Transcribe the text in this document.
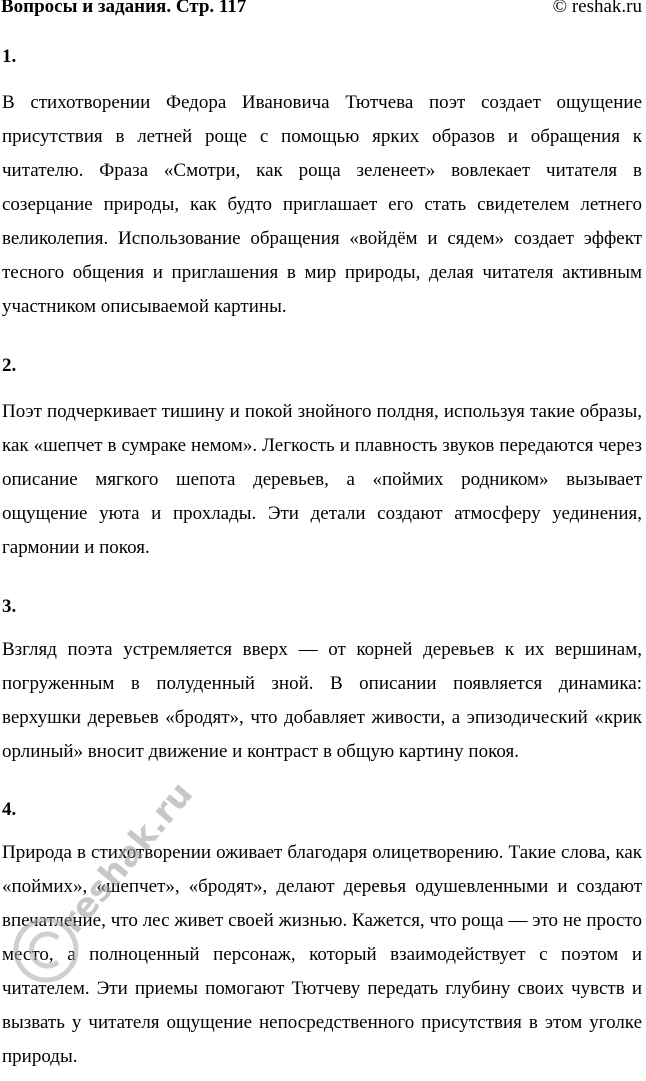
Вопросы и задания. Стр. 117	© reshak.ru
1.

В стихотворении Федора Ивановича Тютчева поэт создает ощущение присутствия в летней роще с помощью ярких образов и обращения к читателю. Фраза «Смотри, как роща зеленеет» вовлекает читателя в созерцание природы, как будто приглашает его стать свидетелем летнего великолепия. Использование обращения «войдём и сядем» создает эффект тесного общения и приглашения в мир природы, делая читателя активным участником описываемой картины.

2.

Поэт подчеркивает тишину и покой знойного полдня, используя такие образы, как «шепчет в сумраке немом». Легкость и плавность звуков передаются через описание мягкого шепота деревьев, а «поймих родником» вызывает ощущение уюта и прохлады. Эти детали создают атмосферу уединения, гармонии и покоя.

3.

Взгляд поэта устремляется вверх — от корней деревьев к их вершинам, погруженным в полуденный зной. В описании появляется динамика: верхушки деревьев «бродят», что добавляет живости, а эпизодический «крик орлиный» вносит движение и контраст в общую картину покоя.

4.

Природа в стихотворении оживает благодаря олицетворению. Такие слова, как «поймих», «шепчет», «бродят», делают деревья одушевленными и создают впечатление, что лес живет своей жизнью. Кажется, что роща — это не просто место, а полноценный персонаж, который взаимодействует с поэтом и читателем. Эти приемы помогают Тютчеву передать глубину своих чувств и вызвать у читателя ощущение непосредственного присутствия в этом уголке природы.

reshak.ru
